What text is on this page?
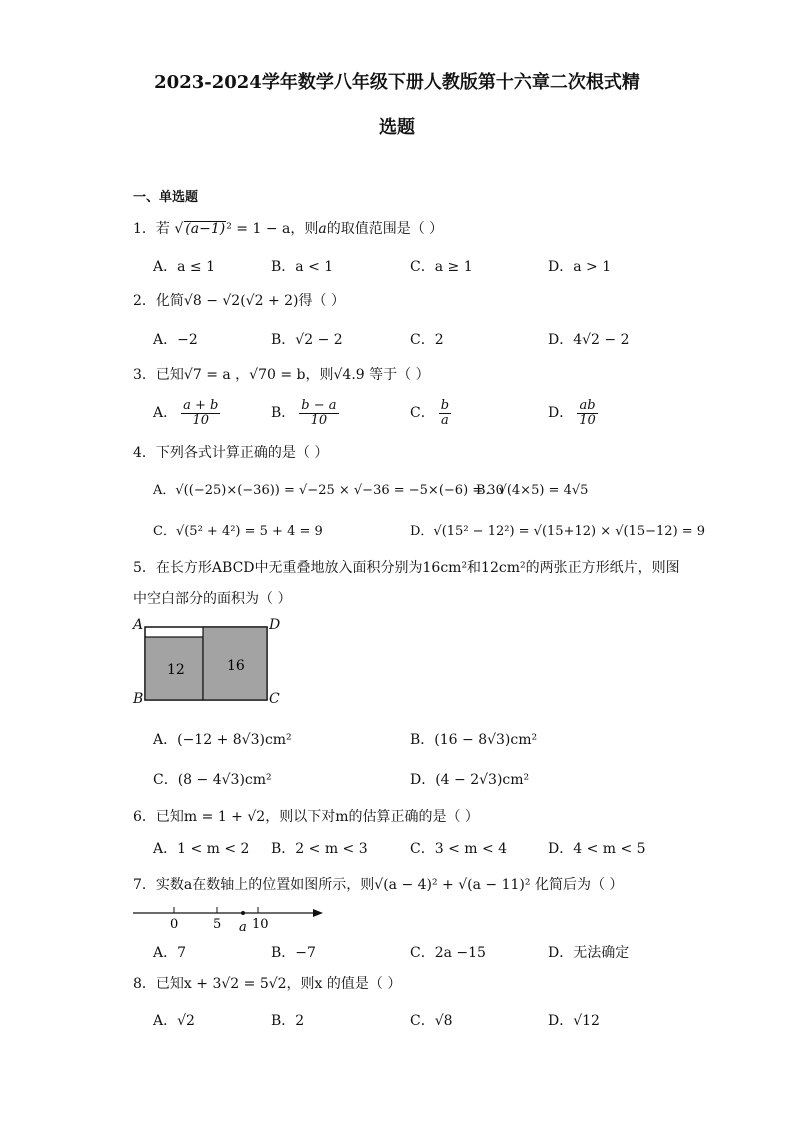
2023-2024学年数学八年级下册人教版第十六章二次根式精
选题
一、单选题
1．若 √ (a−1)² = 1 − a，则a的取值范围是（ ）
A．a ≤ 1	B．a < 1	C．a ≥ 1	D．a > 1
2．化简√8 − √2(√2 + 2)得（ ）
A．−2	B．√2 − 2	C．2	D．4√2 − 2
3．已知√7 = a ，√70 = b，则√4.9 等于（ ）
A． $\frac{a + b}{10}$	B． $\frac{b - a}{10}$	C． $\frac{b}{a}$	D． $\frac{ab}{10}$
4．下列各式计算正确的是（ ）
A．√((−25)×(−36)) = √−25 × √−36 = −5×(−6) = 30
B．√(4×5) = 4√5
C．√(5² + 4²) = 5 + 4 = 9	D．√(15² − 12²) = √(15+12) × √(15−12) = 9
5．在长方形ABCD中无重叠地放入面积分别为16cm²和12cm²的两张正方形纸片，则图
中空白部分的面积为（ ）
12	16
A
B
D
C
A．(−12 + 8√3)cm²	B．(16 − 8√3)cm²
C．(8 − 4√3)cm²	D．(4 − 2√3)cm²
6．已知m = 1 + √2，则以下对m的估算正确的是（ ）
A．1 < m < 2 B．2 < m < 3	C．3 < m < 4	D．4 < m < 5
7．实数a在数轴上的位置如图所示，则√(a − 4)² + √(a − 11)² 化简后为（ ）
0	5 10
a
A．7	B．−7	C．2a −15	D．无法确定
8．已知x + 3√2 = 5√2，则x 的值是（ ）
A．√2	B．2	C．√8	D．√12
